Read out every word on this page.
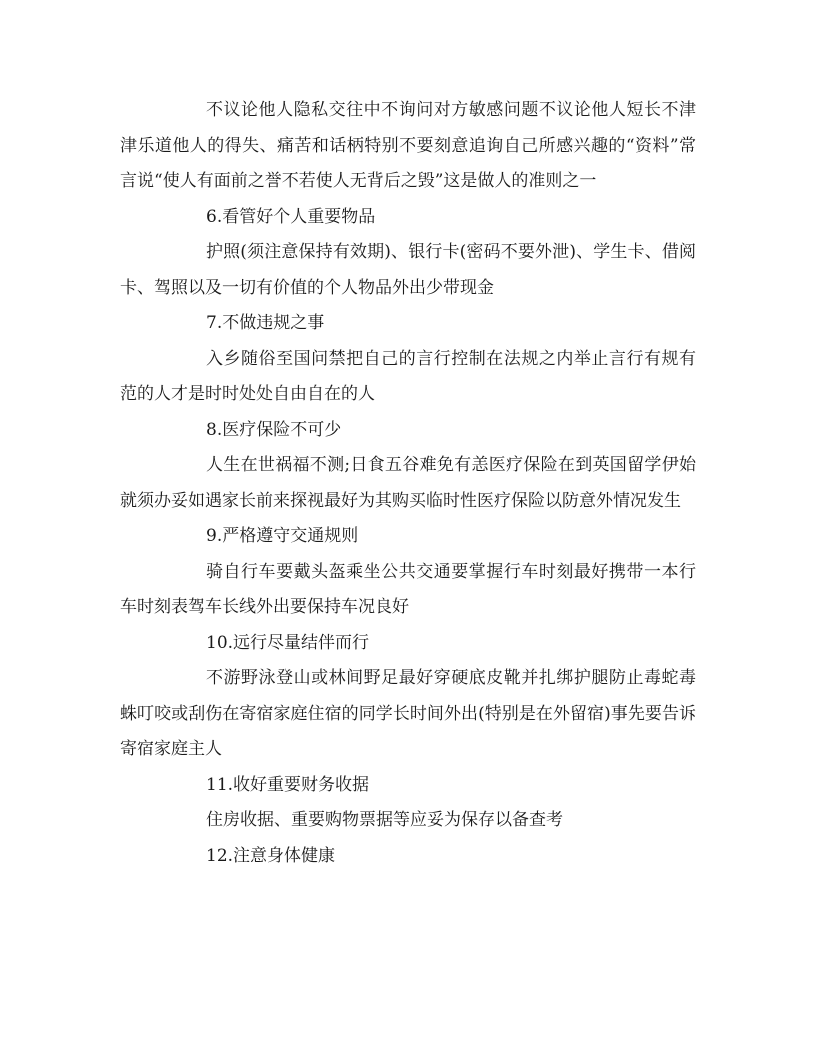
不议论他人隐私交往中不询问对方敏感问题不议论他人短长不津津乐道他人的得失、痛苦和话柄特别不要刻意追询自己所感兴趣的“资料”常言说“使人有面前之誉不若使人无背后之毁”这是做人的准则之一

6.看管好个人重要物品

护照(须注意保持有效期)、银行卡(密码不要外泄)、学生卡、借阅卡、驾照以及一切有价值的个人物品外出少带现金

7.不做违规之事

入乡随俗至国问禁把自己的言行控制在法规之内举止言行有规有范的人才是时时处处自由自在的人

8.医疗保险不可少

人生在世祸福不测;日食五谷难免有恙医疗保险在到英国留学伊始就须办妥如遇家长前来探视最好为其购买临时性医疗保险以防意外情况发生

9.严格遵守交通规则

骑自行车要戴头盔乘坐公共交通要掌握行车时刻最好携带一本行车时刻表驾车长线外出要保持车况良好

10.远行尽量结伴而行

不游野泳登山或林间野足最好穿硬底皮靴并扎绑护腿防止毒蛇毒蛛叮咬或刮伤在寄宿家庭住宿的同学长时间外出(特别是在外留宿)事先要告诉寄宿家庭主人

11.收好重要财务收据

住房收据、重要购物票据等应妥为保存以备查考

12.注意身体健康
